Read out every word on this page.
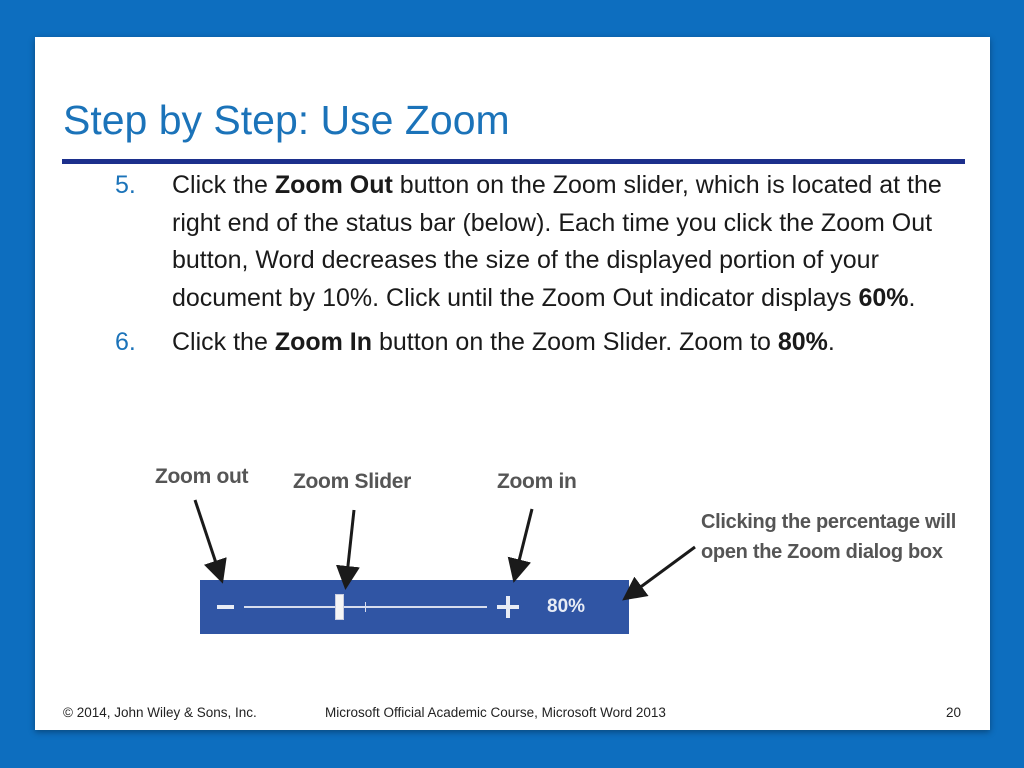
Step by Step: Use Zoom
5. Click the Zoom Out button on the Zoom slider, which is located at the right end of the status bar (below). Each time you click the Zoom Out button, Word decreases the size of the displayed portion of your document by 10%. Click until the Zoom Out indicator displays 60%.
6. Click the Zoom In button on the Zoom Slider. Zoom to 80%.
Zoom out Zoom Slider	Zoom in
Clicking the percentage will open the Zoom dialog box
80%
© 2014, John Wiley & Sons, Inc.	Microsoft Official Academic Course, Microsoft Word 2013	20
